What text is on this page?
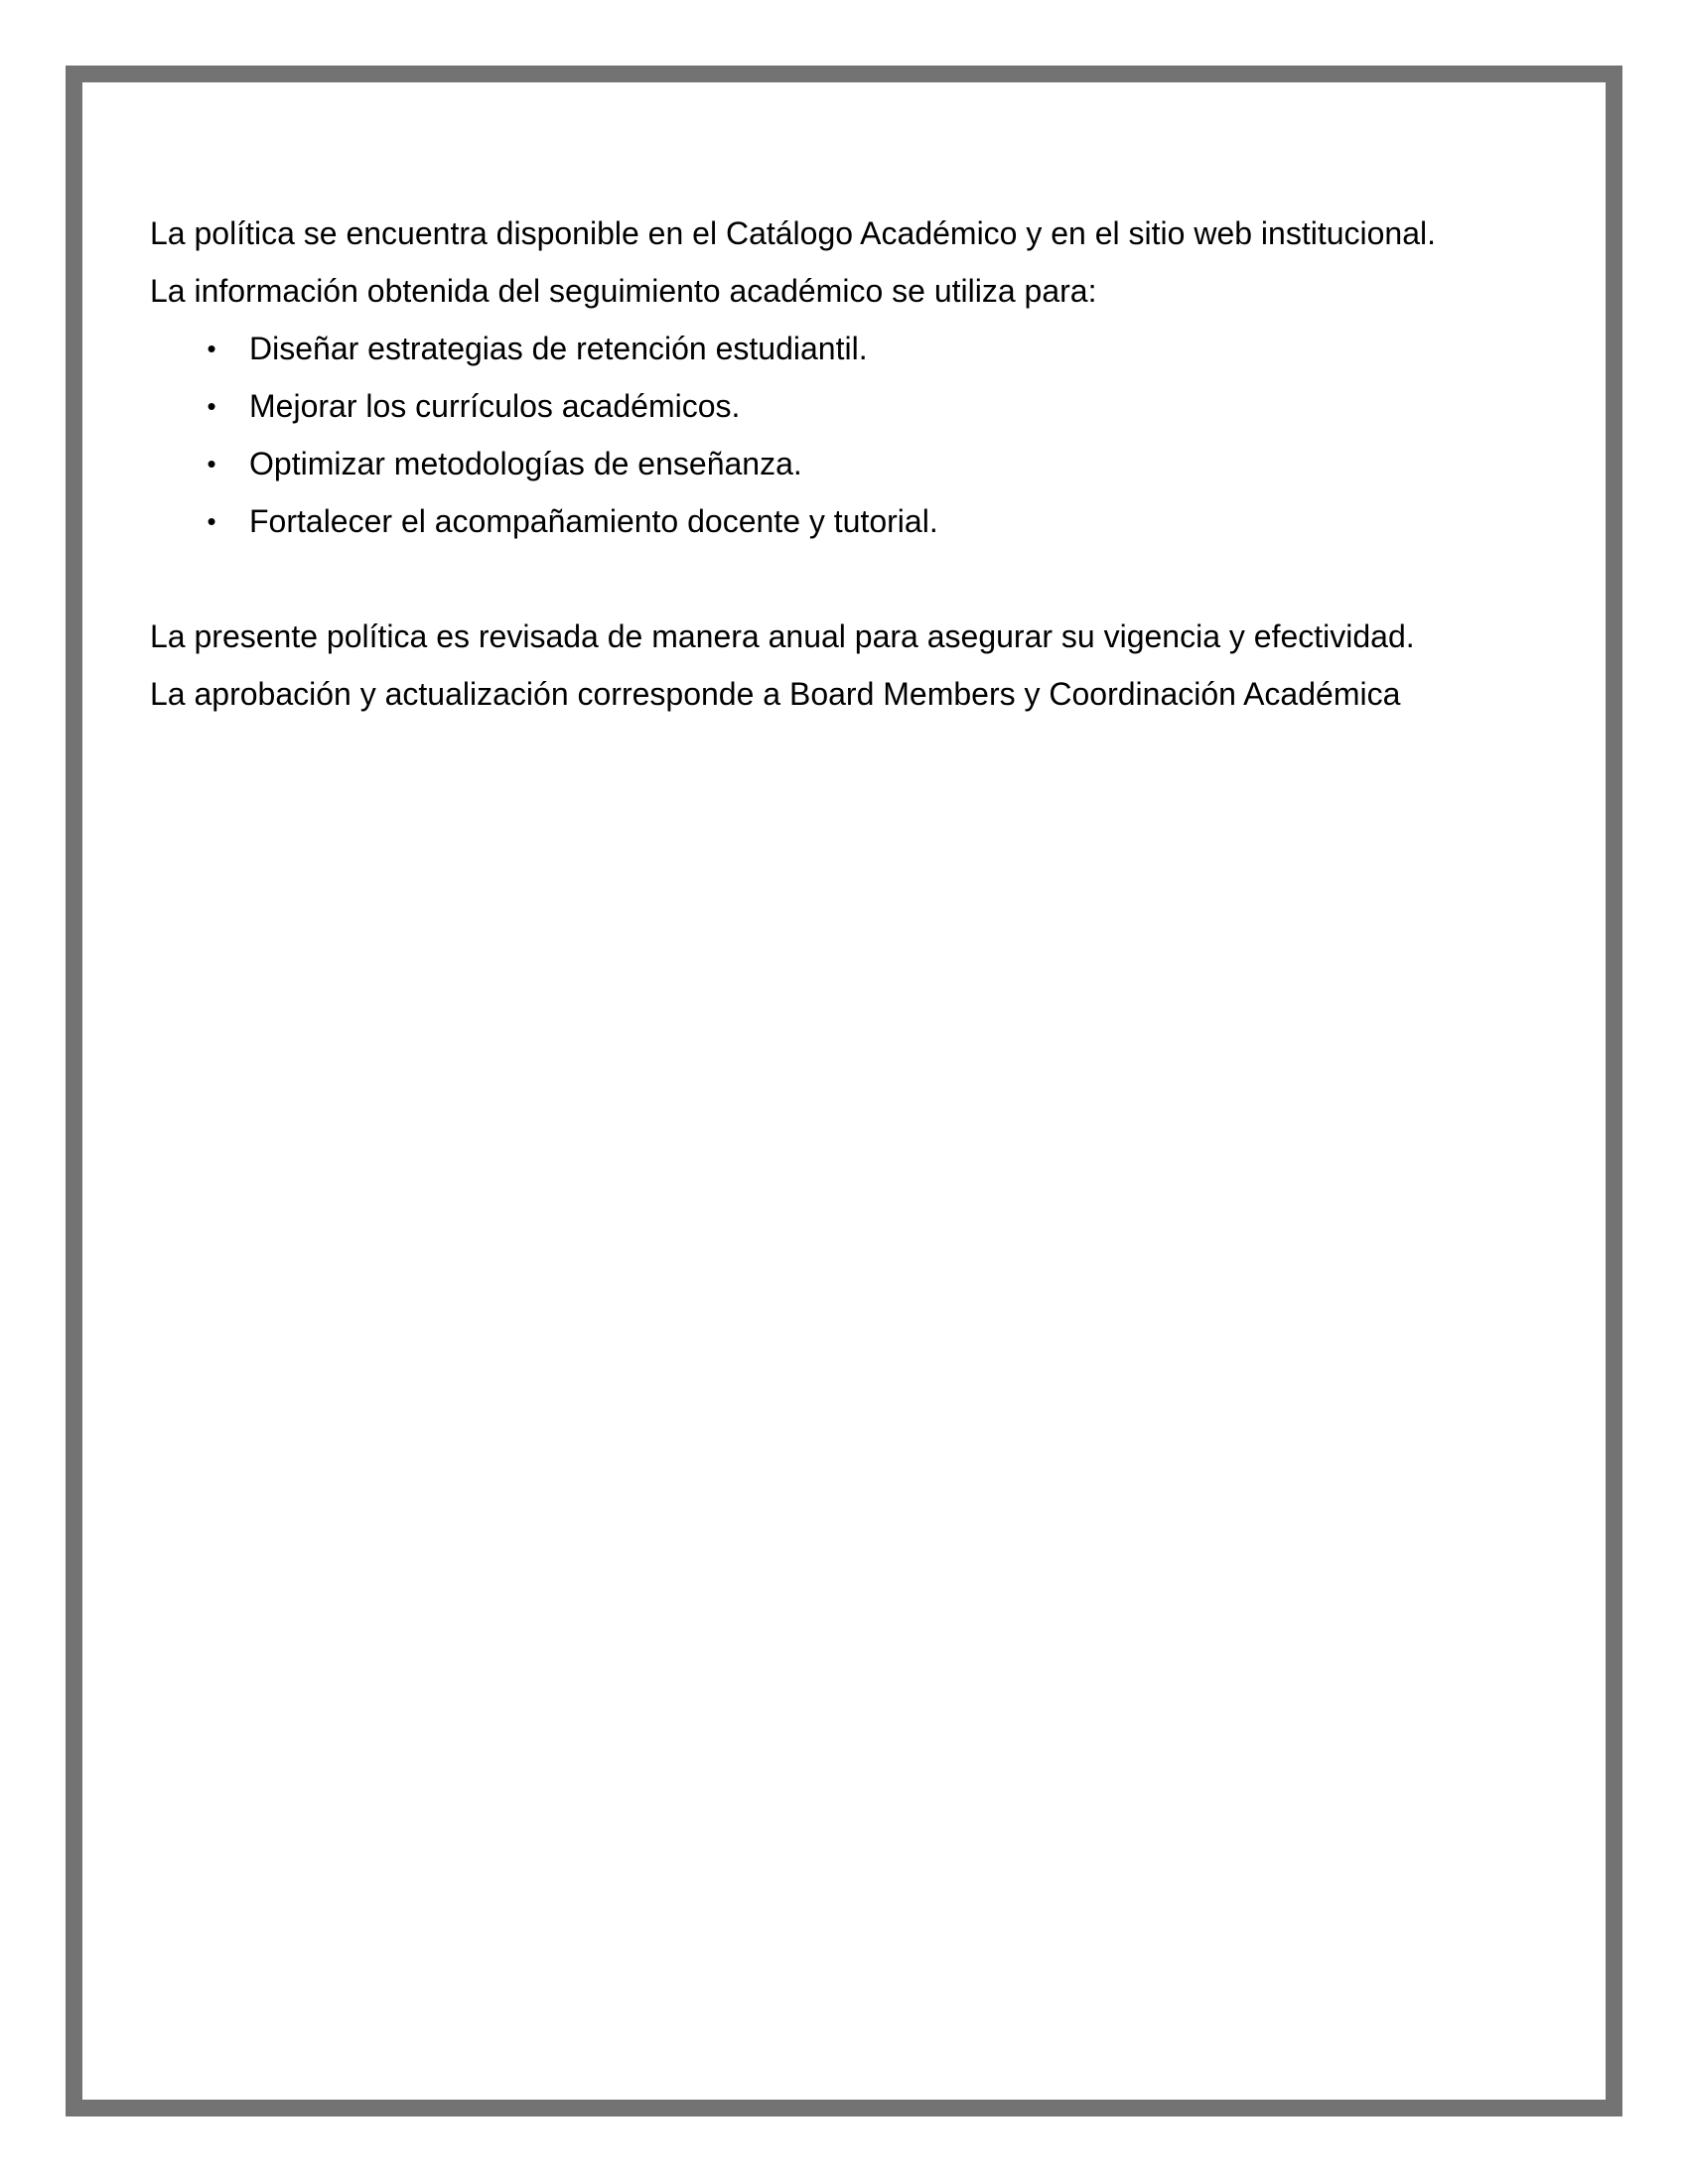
La política se encuentra disponible en el Catálogo Académico y en el sitio web institucional.

La información obtenida del seguimiento académico se utiliza para:

• Diseñar estrategias de retención estudiantil.
• Mejorar los currículos académicos.
• Optimizar metodologías de enseñanza.
• Fortalecer el acompañamiento docente y tutorial.

La presente política es revisada de manera anual para asegurar su vigencia y efectividad.

La aprobación y actualización corresponde a Board Members y Coordinación Académica
